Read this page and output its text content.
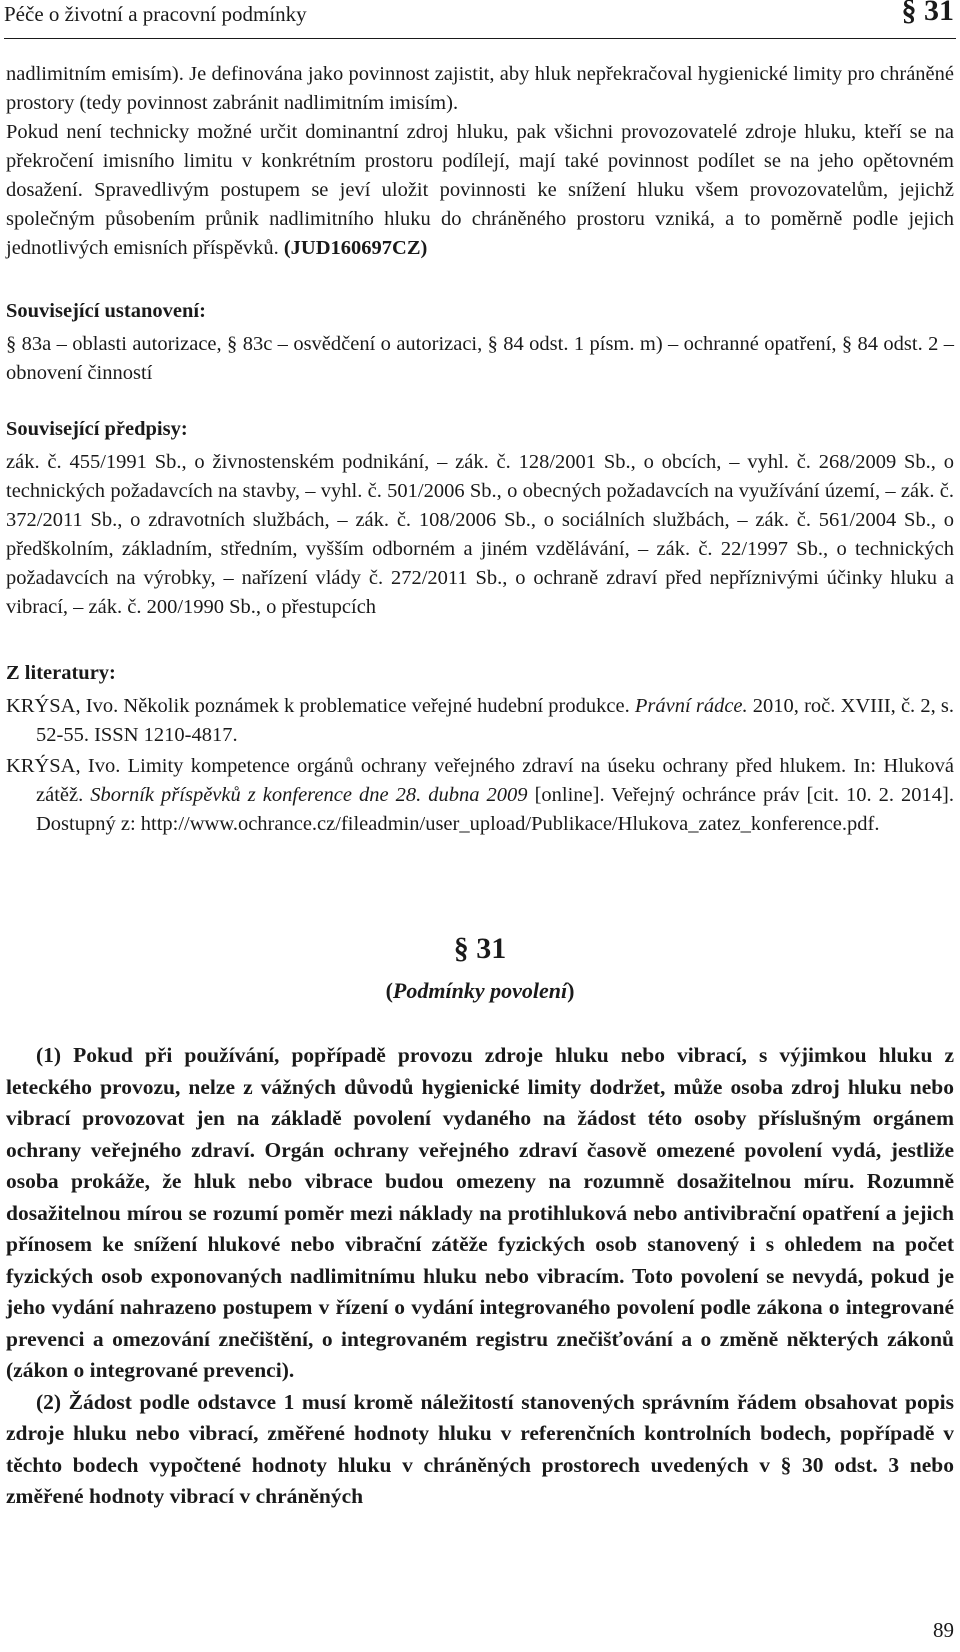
Péče o životní a pracovní podmínky	§ 31

nadlimitním emisím). Je definována jako povinnost zajistit, aby hluk nepřekračoval hygienické limity pro chráněné prostory (tedy povinnost zabránit nadlimitním imisím).

Pokud není technicky možné určit dominantní zdroj hluku, pak všichni provozovatelé zdroje hluku, kteří se na překročení imisního limitu v konkrétním prostoru podílejí, mají také povinnost podílet se na jeho opětovném dosažení. Spravedlivým postupem se jeví uložit povinnosti ke snížení hluku všem provozovatelům, jejichž společným působením průnik nadlimitního hluku do chráněného prostoru vzniká, a to poměrně podle jejich jednotlivých emisních příspěvků. (JUD160697CZ)

Související ustanovení:

§ 83a – oblasti autorizace, § 83c – osvědčení o autorizaci, § 84 odst. 1 písm. m) – ochranné opatření, § 84 odst. 2 – obnovení činností

Související předpisy:

zák. č. 455/1991 Sb., o živnostenském podnikání, – zák. č. 128/2001 Sb., o obcích, – vyhl. č. 268/2009 Sb., o technických požadavcích na stavby, – vyhl. č. 501/2006 Sb., o obecných požadavcích na využívání území, – zák. č. 372/2011 Sb., o zdravotních službách, – zák. č. 108/2006 Sb., o sociálních službách, – zák. č. 561/2004 Sb., o předškolním, základním, středním, vyšším odborném a jiném vzdělávání, – zák. č. 22/1997 Sb., o technických požadavcích na výrobky, – nařízení vlády č. 272/2011 Sb., o ochraně zdraví před nepříznivými účinky hluku a vibrací, – zák. č. 200/1990 Sb., o přestupcích

Z literatury:

KRÝSA, Ivo. Několik poznámek k problematice veřejné hudební produkce. Právní rádce. 2010, roč. XVIII, č. 2, s. 52-55. ISSN 1210-4817.

KRÝSA, Ivo. Limity kompetence orgánů ochrany veřejného zdraví na úseku ochrany před hlukem. In: Hluková zátěž. Sborník příspěvků z konference dne 28. dubna 2009 [online]. Veřejný ochránce práv [cit. 10. 2. 2014]. Dostupný z: http://www.ochrance.cz/fileadmin/user_upload/Publikace/Hlukova_zatez_konference.pdf.

§ 31
(Podmínky povolení)

(1) Pokud při používání, popřípadě provozu zdroje hluku nebo vibrací, s výjimkou hluku z leteckého provozu, nelze z vážných důvodů hygienické limity dodržet, může osoba zdroj hluku nebo vibrací provozovat jen na základě povolení vydaného na žádost této osoby příslušným orgánem ochrany veřejného zdraví. Orgán ochrany veřejného zdraví časově omezené povolení vydá, jestliže osoba prokáže, že hluk nebo vibrace budou omezeny na rozumně dosažitelnou míru. Rozumně dosažitelnou mírou se rozumí poměr mezi náklady na protihluková nebo antivibrační opatření a jejich přínosem ke snížení hlukové nebo vibrační zátěže fyzických osob stanovený i s ohledem na počet fyzických osob exponovaných nadlimitnímu hluku nebo vibracím. Toto povolení se nevydá, pokud je jeho vydání nahrazeno postupem v řízení o vydání integrovaného povolení podle zákona o integrované prevenci a omezování znečištění, o integrovaném registru znečišťování a o změně některých zákonů (zákon o integrované prevenci).

(2) Žádost podle odstavce 1 musí kromě náležitostí stanovených správním řádem obsahovat popis zdroje hluku nebo vibrací, změřené hodnoty hluku v referenčních kontrolních bodech, popřípadě v těchto bodech vypočtené hodnoty hluku v chráněných prostorech uvedených v § 30 odst. 3 nebo změřené hodnoty vibrací v chráněných

89
